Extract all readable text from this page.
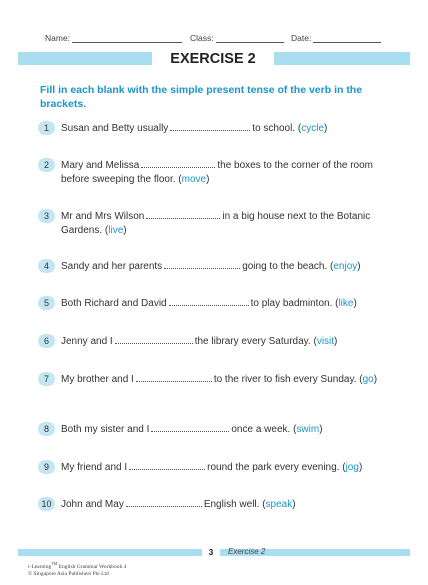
Name:	Class:	Date:
EXERCISE 2
Fill in each blank with the simple present tense of the verb in the brackets.
1	Susan and Betty usually	to school. (cycle)
2	Mary and Melissa	the boxes to the corner of the room before sweeping the floor. (move)
3	Mr and Mrs Wilson	in a big house next to the Botanic Gardens. (live)
4	Sandy and her parents	going to the beach. (enjoy)
5	Both Richard and David	to play badminton. (like)
6	Jenny and I	the library every Saturday. (visit)
7	My brother and I	to the river to fish every Sunday. (go)
8	Both my sister and I	once a week. (swim)
9	My friend and I	round the park every evening. (jog)
10 John and May	English well. (speak)
3	Exercise 2
i-Learning™ English Grammar Workbook 4
© Singapore Asia Publishers Pte Ltd
